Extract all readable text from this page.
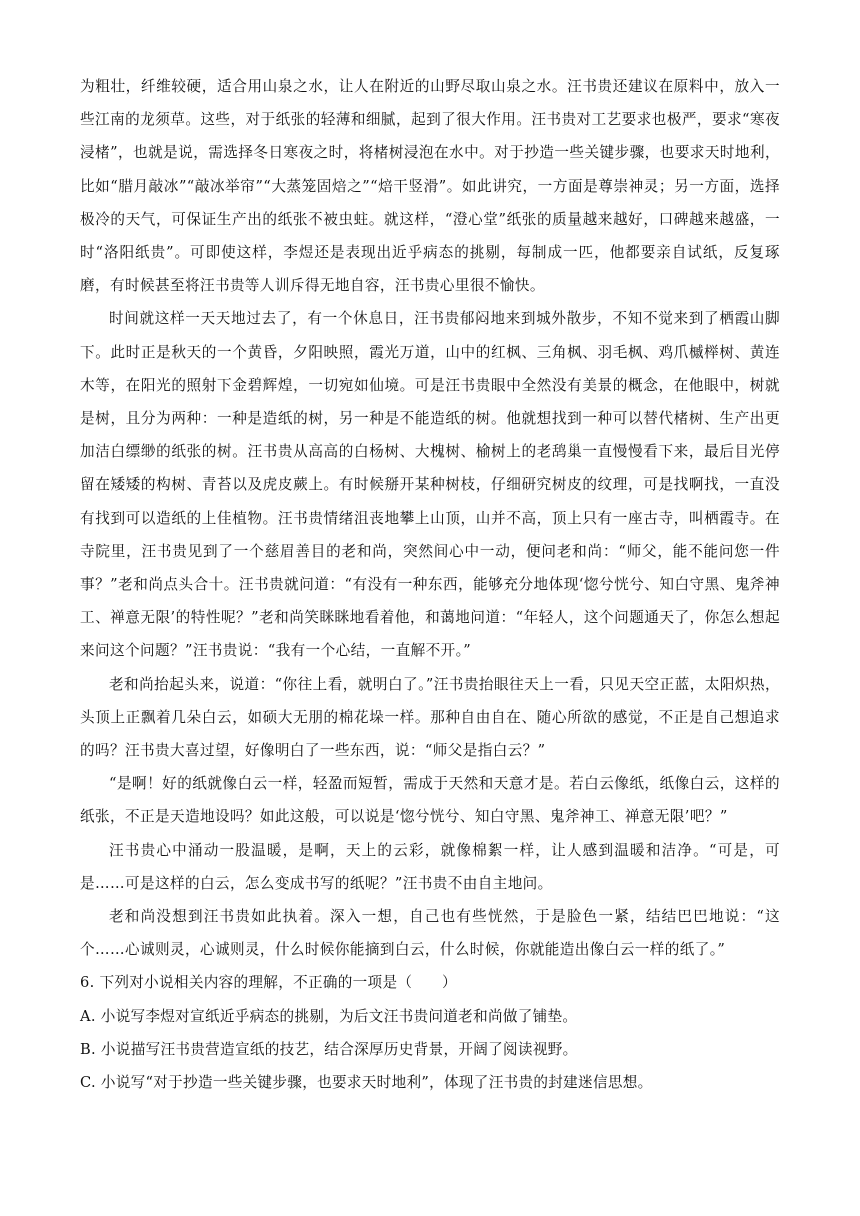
为粗壮，纤维较硬，适合用山泉之水，让人在附近的山野尽取山泉之水。汪书贵还建议在原料中，放入一些江南的龙须草。这些，对于纸张的轻薄和细腻，起到了很大作用。汪书贵对工艺要求也极严，要求“寒夜浸楮”，也就是说，需选择冬日寒夜之时，将楮树浸泡在水中。对于抄造一些关键步骤，也要求天时地利，比如“腊月敲冰”“敲冰举帘”“大蒸笼固焙之”“焙干竖滑”。如此讲究，一方面是尊崇神灵；另一方面，选择极冷的天气，可保证生产出的纸张不被虫蛀。就这样，“澄心堂”纸张的质量越来越好，口碑越来越盛，一时“洛阳纸贵”。可即使这样，李煜还是表现出近乎病态的挑剔，每制成一匹，他都要亲自试纸，反复琢磨，有时候甚至将汪书贵等人训斥得无地自容，汪书贵心里很不愉快。

时间就这样一天天地过去了，有一个休息日，汪书贵郁闷地来到城外散步，不知不觉来到了栖霞山脚下。此时正是秋天的一个黄昏，夕阳映照，霞光万道，山中的红枫、三角枫、羽毛枫、鸡爪槭榉树、黄连木等，在阳光的照射下金碧辉煌，一切宛如仙境。可是汪书贵眼中全然没有美景的概念，在他眼中，树就是树，且分为两种：一种是造纸的树，另一种是不能造纸的树。他就想找到一种可以替代楮树、生产出更加洁白缥缈的纸张的树。汪书贵从高高的白杨树、大槐树、榆树上的老鸹巢一直慢慢看下来，最后目光停留在矮矮的构树、青苔以及虎皮蕨上。有时候掰开某种树枝，仔细研究树皮的纹理，可是找啊找，一直没有找到可以造纸的上佳植物。汪书贵情绪沮丧地攀上山顶，山并不高，顶上只有一座古寺，叫栖霞寺。在寺院里，汪书贵见到了一个慈眉善目的老和尚，突然间心中一动，便问老和尚：“师父，能不能问您一件事？”老和尚点头合十。汪书贵就问道：“有没有一种东西，能够充分地体现‘惚兮恍兮、知白守黑、鬼斧神工、禅意无限’的特性呢？”老和尚笑眯眯地看着他，和蔼地问道：“年轻人，这个问题通天了，你怎么想起来问这个问题？”汪书贵说：“我有一个心结，一直解不开。”

老和尚抬起头来，说道：“你往上看，就明白了。”汪书贵抬眼往天上一看，只见天空正蓝，太阳炽热，头顶上正飘着几朵白云，如硕大无朋的棉花垛一样。那种自由自在、随心所欲的感觉，不正是自己想追求的吗？汪书贵大喜过望，好像明白了一些东西，说：“师父是指白云？”

“是啊！好的纸就像白云一样，轻盈而短暂，需成于天然和天意才是。若白云像纸，纸像白云，这样的纸张，不正是天造地设吗？如此这般，可以说是‘惚兮恍兮、知白守黑、鬼斧神工、禅意无限’吧？”

汪书贵心中涌动一股温暖，是啊，天上的云彩，就像棉絮一样，让人感到温暖和洁净。“可是，可是……可是这样的白云，怎么变成书写的纸呢？”汪书贵不由自主地问。

老和尚没想到汪书贵如此执着。深入一想，自己也有些恍然，于是脸色一紧，结结巴巴地说：“这个……心诚则灵，心诚则灵，什么时候你能摘到白云，什么时候，你就能造出像白云一样的纸了。”

6. 下列对小说相关内容的理解，不正确的一项是（　　）

A. 小说写李煜对宣纸近乎病态的挑剔，为后文汪书贵问道老和尚做了铺垫。

B. 小说描写汪书贵营造宣纸的技艺，结合深厚历史背景，开阔了阅读视野。

C. 小说写“对于抄造一些关键步骤，也要求天时地利”，体现了汪书贵的封建迷信思想。
